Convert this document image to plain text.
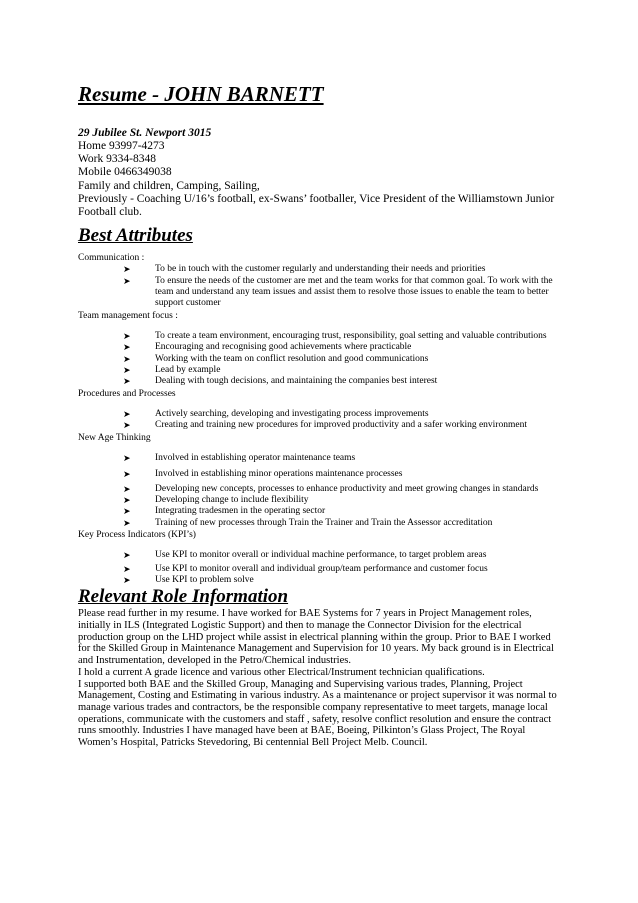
Resume - JOHN BARNETT

29 Jubilee St. Newport 3015

Home 93997-4273

Work 9334-8348

Mobile 0466349038

Family and children, Camping, Sailing,

Previously - Coaching U/16’s football, ex-Swans’ footballer, Vice President of the Williamstown Junior

Football club.

Best Attributes

Communication :

➤	To be in touch with the customer regularly and understanding their needs and priorities
➤	To ensure the needs of the customer are met and the team works for that common goal. To work with the team and understand any team issues and assist them to resolve those issues to enable the team to better support customer

Team management focus :

➤	To create a team environment, encouraging trust, responsibility, goal setting and valuable contributions
➤	Encouraging and recognising good achievements where practicable
➤	Working with the team on conflict resolution and good communications
➤	Lead by example
➤	Dealing with tough decisions, and maintaining the companies best interest

Procedures and Processes

➤	Actively searching, developing and investigating process improvements
➤	Creating and training new procedures for improved productivity and a safer working environment

New Age Thinking

➤	Involved in establishing operator maintenance teams
➤	Involved in establishing minor operations maintenance processes
➤	Developing new concepts, processes to enhance productivity and meet growing changes in standards
➤	Developing change to include flexibility
➤	Integrating tradesmen in the operating sector
➤	Training of new processes through Train the Trainer and Train the Assessor accreditation

Key Process Indicators (KPI’s)

➤	Use KPI to monitor overall or individual machine performance, to target problem areas
➤	Use KPI to monitor overall and individual group/team performance and customer focus
➤	Use KPI to problem solve
Relevant Role Information

Please read further in my resume. I have worked for BAE Systems for 7 years in Project Management roles,

initially in ILS (Integrated Logistic Support) and then to manage the Connector Division for the electrical

production group on the LHD project while assist in electrical planning within the group. Prior to BAE I worked

for the Skilled Group in Maintenance Management and Supervision for 10 years. My back ground is in Electrical

and Instrumentation, developed in the Petro/Chemical industries.

I hold a current A grade licence and various other Electrical/Instrument technician qualifications.

I supported both BAE and the Skilled Group, Managing and Supervising various trades, Planning, Project

Management, Costing and Estimating in various industry. As a maintenance or project supervisor it was normal to

manage various trades and contractors, be the responsible company representative to meet targets, manage local

operations, communicate with the customers and staff , safety, resolve conflict resolution and ensure the contract

runs smoothly. Industries I have managed have been at BAE, Boeing, Pilkinton’s Glass Project, The Royal

Women’s Hospital, Patricks Stevedoring, Bi centennial Bell Project Melb. Council.
